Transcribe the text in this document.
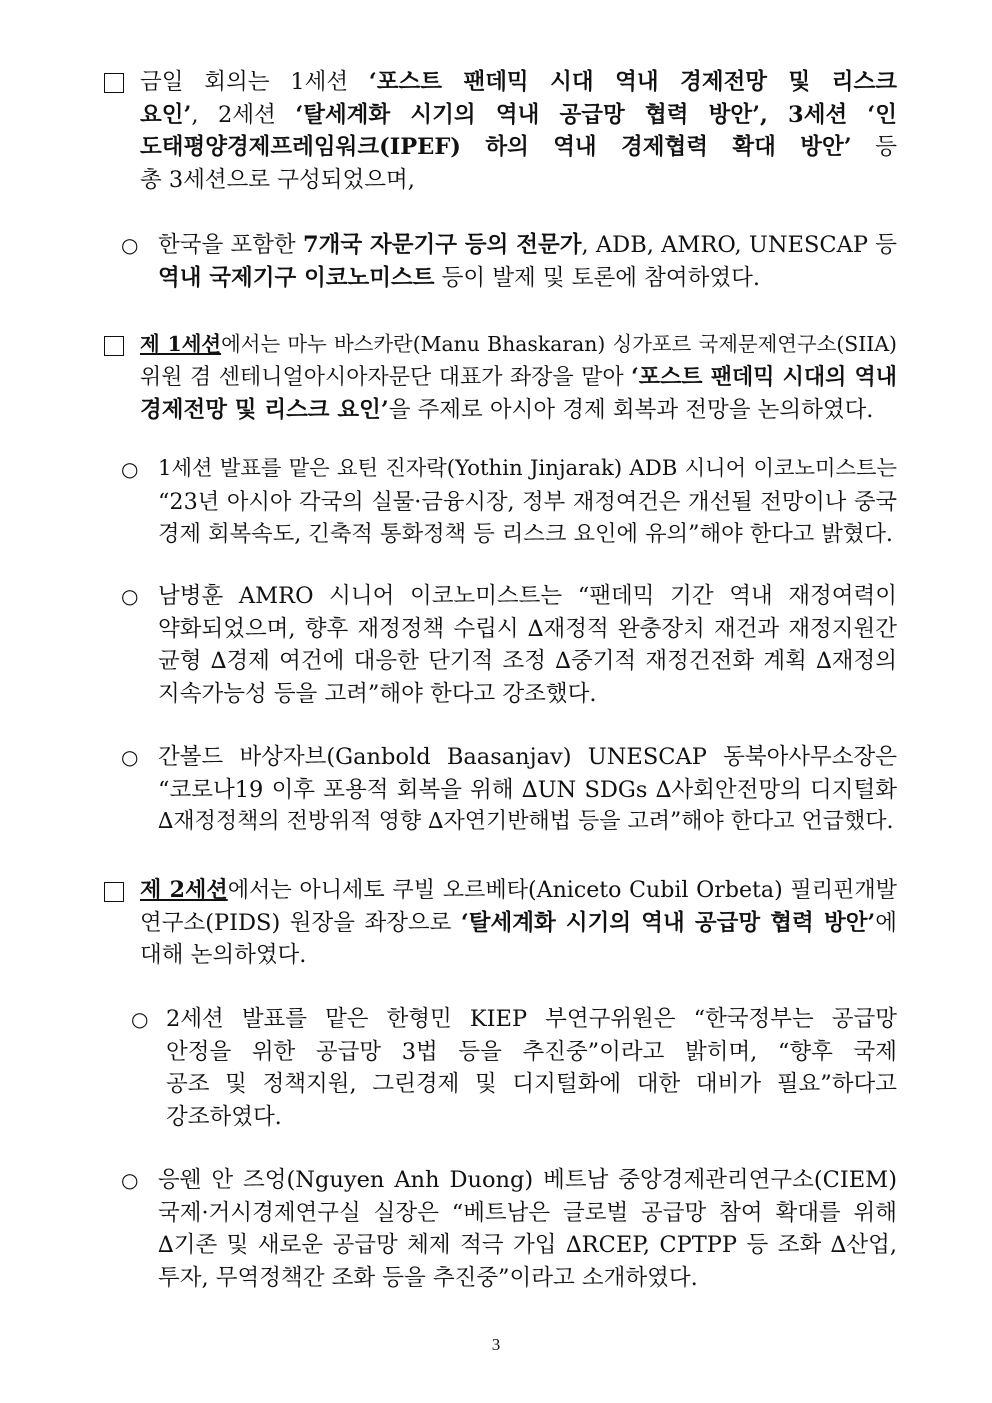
금일 회의는 1세션 ‘포스트 팬데믹 시대 역내 경제전망 및 리스크
요인’, 2세션 ‘탈세계화 시기의 역내 공급망 협력 방안’, 3세션 ‘인
도태평양경제프레임워크(IPEF) 하의 역내 경제협력 확대 방안’ 등
총 3세션으로 구성되었으며,
○ 한국을 포함한 7개국 자문기구 등의 전문가, ADB, AMRO, UNESCAP 등
역내 국제기구 이코노미스트 등이 발제 및 토론에 참여하였다.
제 1세션에서는 마누 바스카란(Manu Bhaskaran) 싱가포르 국제문제연구소(SIIA)
위원 겸 센테니얼아시아자문단 대표가 좌장을 맡아 ‘포스트 팬데믹 시대의 역내
경제전망 및 리스크 요인’을 주제로 아시아 경제 회복과 전망을 논의하였다.
○ 1세션 발표를 맡은 요틴 진자락(Yothin Jinjarak) ADB 시니어 이코노미스트는
“23년 아시아 각국의 실물·금융시장, 정부 재정여건은 개선될 전망이나 중국
경제 회복속도, 긴축적 통화정책 등 리스크 요인에 유의”해야 한다고 밝혔다.
○ 남병훈 AMRO 시니어 이코노미스트는 “팬데믹 기간 역내 재정여력이
약화되었으며, 향후 재정정책 수립시 ∆재정적 완충장치 재건과 재정지원간
균형 ∆경제 여건에 대응한 단기적 조정 ∆중기적 재정건전화 계획 ∆재정의
지속가능성 등을 고려”해야 한다고 강조했다.
○ 간볼드 바상자브(Ganbold Baasanjav) UNESCAP 동북아사무소장은
“코로나19 이후 포용적 회복을 위해 ∆UN SDGs ∆사회안전망의 디지털화
∆재정정책의 전방위적 영향 ∆자연기반해법 등을 고려”해야 한다고 언급했다.
제 2세션에서는 아니세토 쿠빌 오르베타(Aniceto Cubil Orbeta) 필리핀개발
연구소(PIDS) 원장을 좌장으로 ‘탈세계화 시기의 역내 공급망 협력 방안’에
대해 논의하였다.
○ 2세션 발표를 맡은 한형민 KIEP 부연구위원은 “한국정부는 공급망
안정을 위한 공급망 3법 등을 추진중”이라고 밝히며, “향후 국제
공조 및 정책지원, 그린경제 및 디지털화에 대한 대비가 필요”하다고
강조하였다.
○ 응웬 안 즈엉(Nguyen Anh Duong) 베트남 중앙경제관리연구소(CIEM)
국제·거시경제연구실 실장은 “베트남은 글로벌 공급망 참여 확대를 위해
∆기존 및 새로운 공급망 체제 적극 가입 ∆RCEP, CPTPP 등 조화 ∆산업,
투자, 무역정책간 조화 등을 추진중”이라고 소개하였다.
3
